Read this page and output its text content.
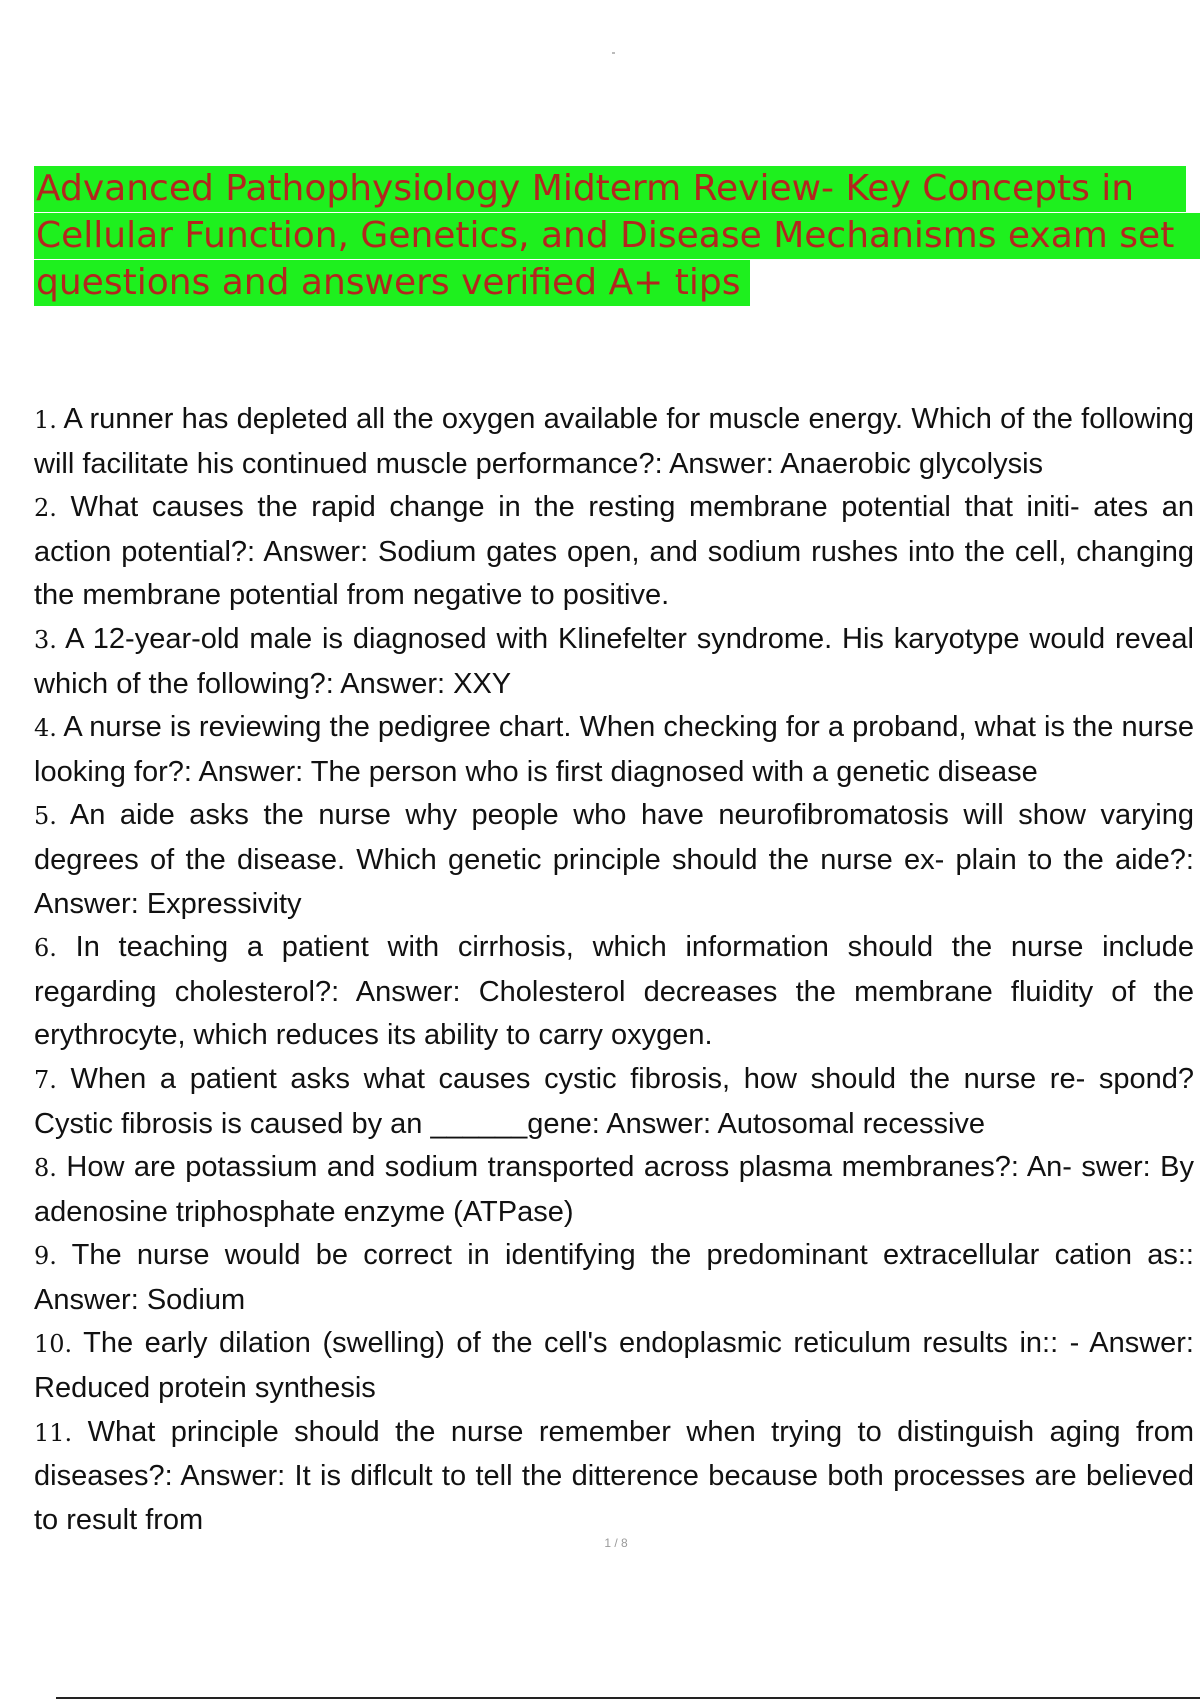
Advanced Pathophysiology Midterm Review- Key Concepts in
Cellular Function, Genetics, and Disease Mechanisms exam set
questions and answers verified A+ tips

1. A runner has depleted all the oxygen available for muscle energy. Which of the following will facilitate his continued muscle performance?: Answer: Anaerobic glycolysis

2. What causes the rapid change in the resting membrane potential that initi- ates an action potential?: Answer: Sodium gates open, and sodium rushes into the cell, changing the membrane potential from negative to positive.

3. A 12-year-old male is diagnosed with Klinefelter syndrome. His karyotype would reveal which of the following?: Answer: XXY

4. A nurse is reviewing the pedigree chart. When checking for a proband, what is the nurse looking for?: Answer: The person who is first diagnosed with a genetic disease

5. An aide asks the nurse why people who have neurofibromatosis will show varying degrees of the disease. Which genetic principle should the nurse ex- plain to the aide?: Answer: Expressivity

6. In teaching a patient with cirrhosis, which information should the nurse include regarding cholesterol?: Answer: Cholesterol decreases the membrane fluidity of the erythrocyte, which reduces its ability to carry oxygen.

7. When a patient asks what causes cystic fibrosis, how should the nurse re- spond? Cystic fibrosis is caused by an ______gene: Answer: Autosomal recessive

8. How are potassium and sodium transported across plasma membranes?: An- swer: By adenosine triphosphate enzyme (ATPase)

9. The nurse would be correct in identifying the predominant extracellular cation as:: Answer: Sodium

10. The early dilation (swelling) of the cell's endoplasmic reticulum results in:: - Answer: Reduced protein synthesis

11. What principle should the nurse remember when trying to distinguish aging from diseases?: Answer: It is diflcult to tell the ditterence because both processes are believed to result from

1 / 8
